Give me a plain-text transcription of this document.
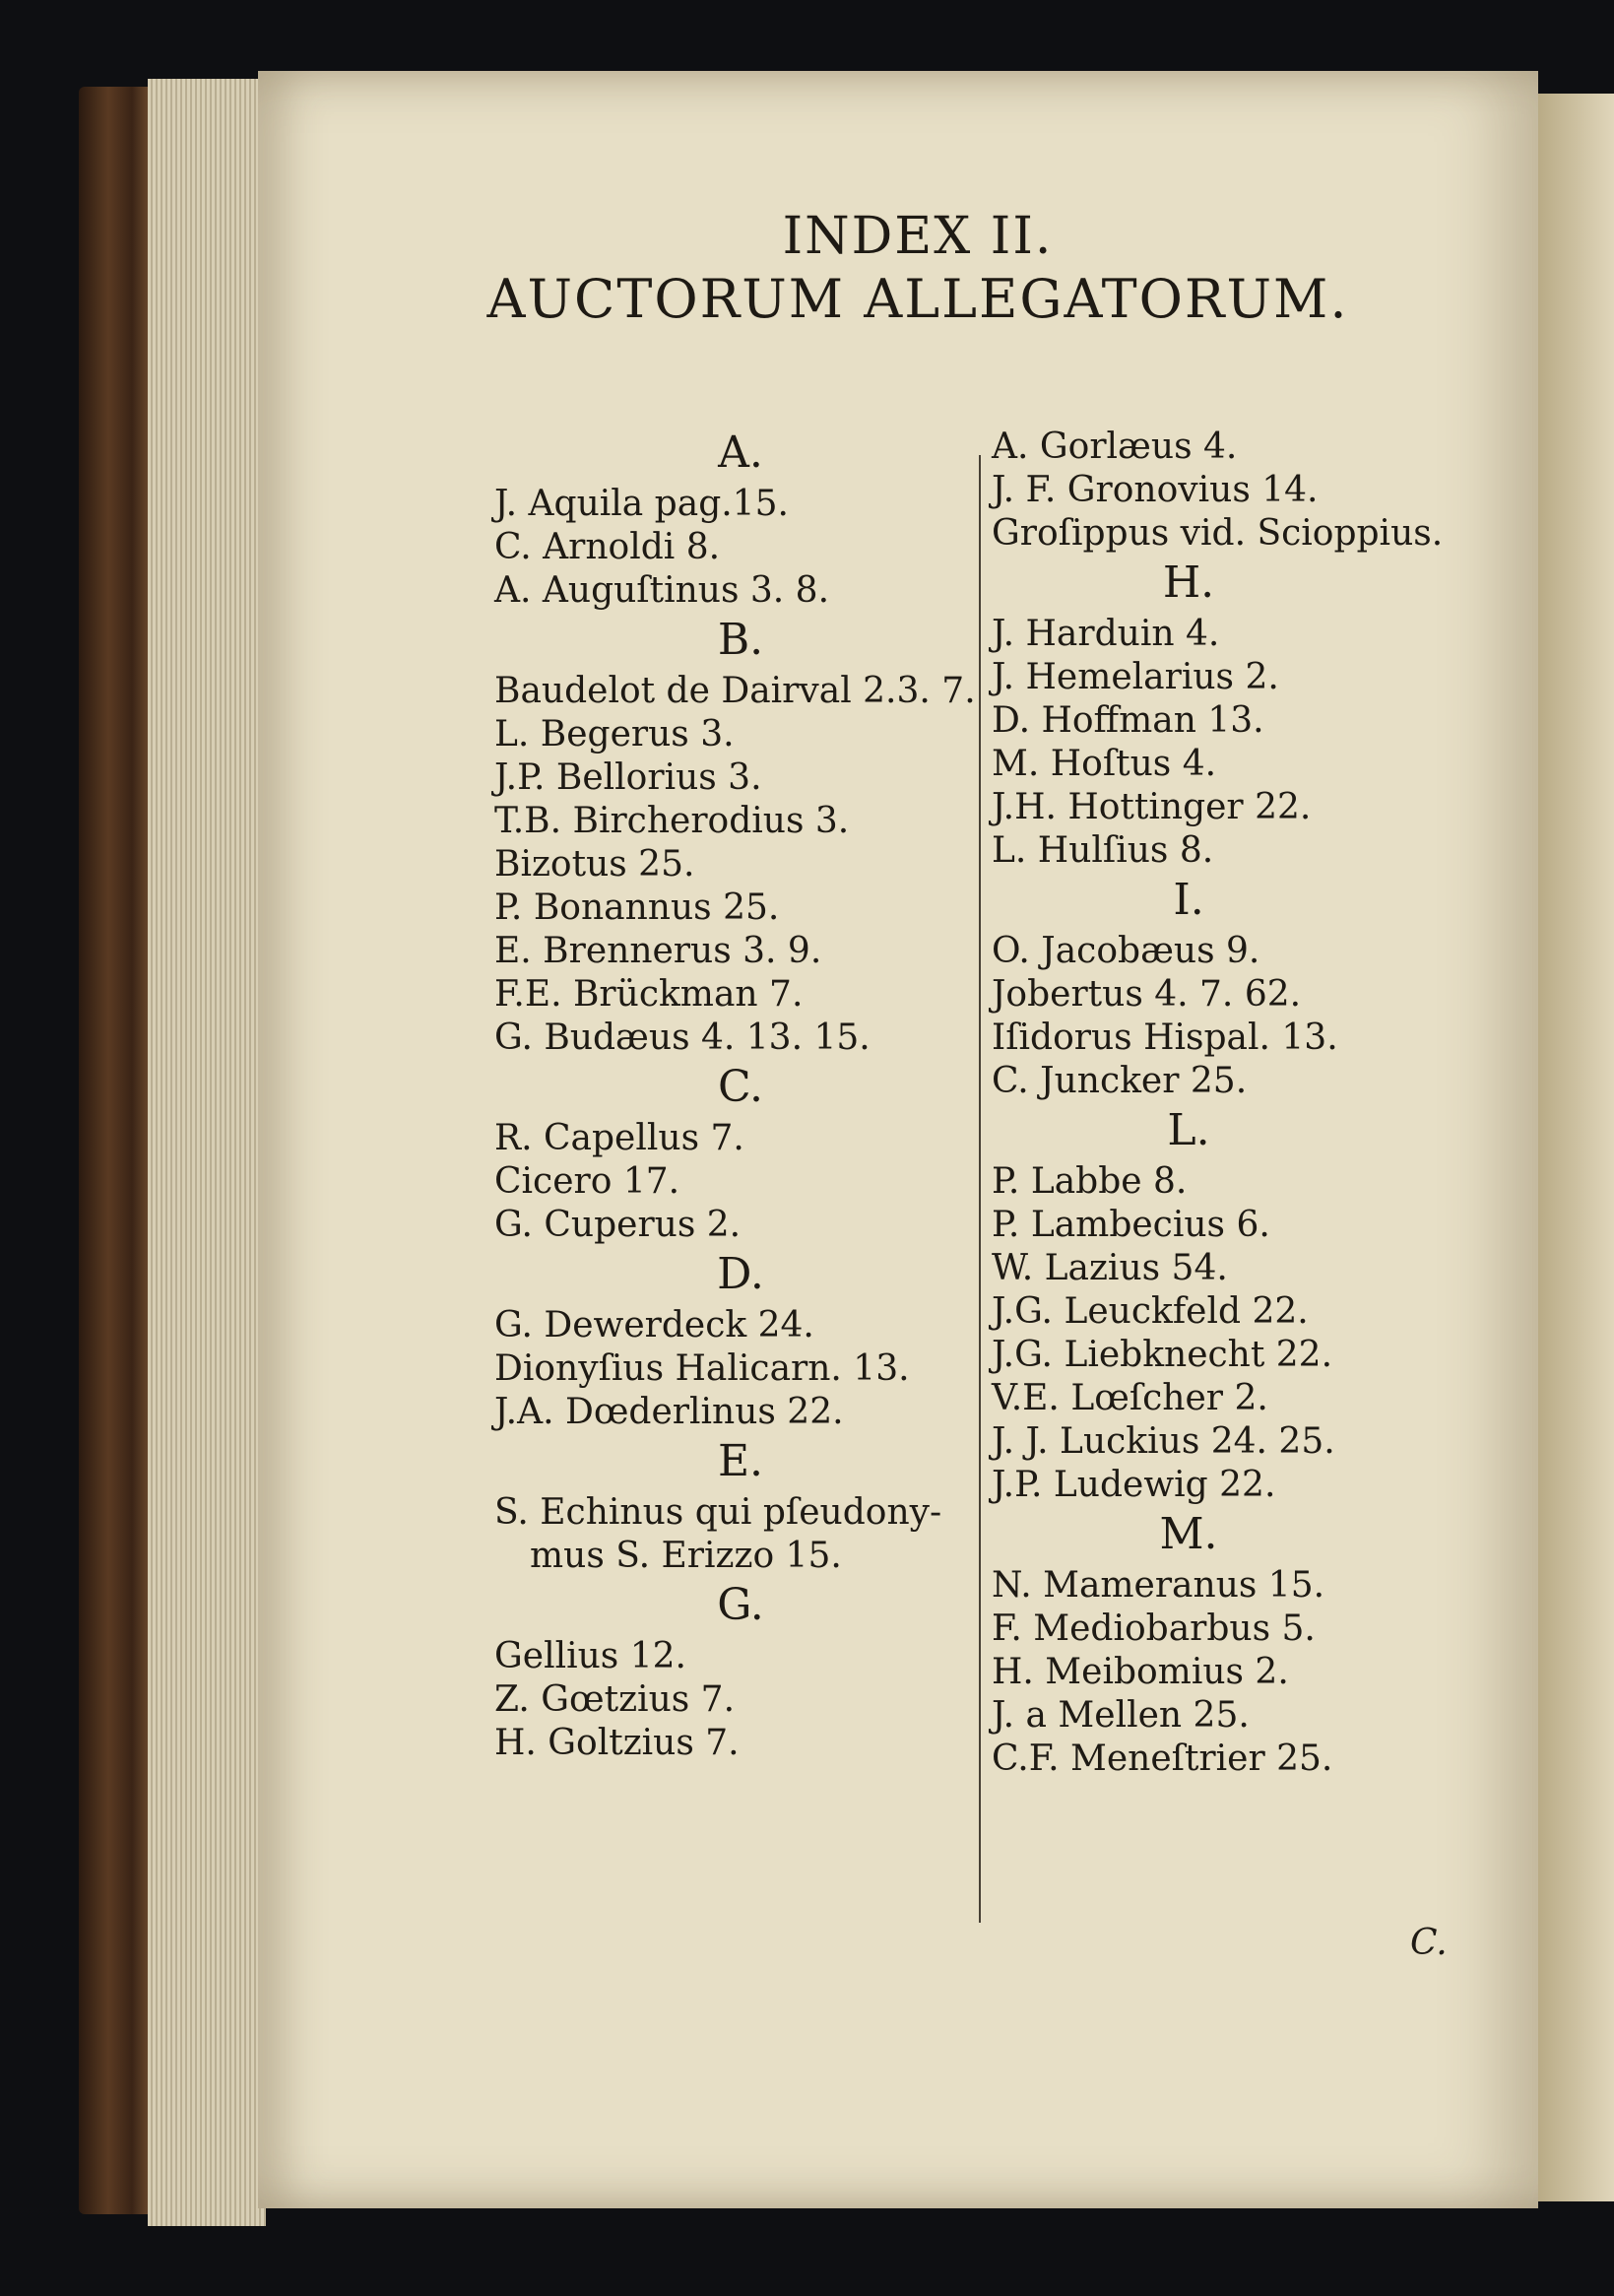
INDEX II.
AUCTORUM ALLEGATORUM.
A.
J. Aquila pag.15.
C. Arnoldi 8.
A. Auguſtinus 3. 8.
B.
Baudelot de Dairval 2.3. 7.
L. Begerus 3.
J.P. Bellorius 3.
T.B. Bircherodius 3.
Bizotus 25.
P. Bonannus 25.
E. Brennerus 3. 9.
F.E. Brückman 7.
G. Budæus 4. 13. 15.
C.
R. Capellus 7.
Cicero 17.
G. Cuperus 2.
D.
G. Dewerdeck 24.
Dionyſius Halicarn. 13.
J.A. Dœderlinus 22.
E.
S. Echinus qui pſeudony-
mus S. Erizzo 15.
G.
Gellius 12.
Z. Gœtzius 7.
H. Goltzius 7.
A. Gorlæus 4.
J. F. Gronovius 14.
Groſippus vid. Scioppius.
H.
J. Harduin 4.
J. Hemelarius 2.
D. Hoffman 13.
M. Hoſtus 4.
J.H. Hottinger 22.
L. Hulſius 8.
I.
O. Jacobæus 9.
Jobertus 4. 7. 62.
Iſidorus Hispal. 13.
C. Juncker 25.
L.
P. Labbe 8.
P. Lambecius 6.
W. Lazius 54.
J.G. Leuckfeld 22.
J.G. Liebknecht 22.
V.E. Lœſcher 2.
J. J. Luckius 24. 25.
J.P. Ludewig 22.
M.
N. Mameranus 15.
F. Mediobarbus 5.
H. Meibomius 2.
J. a Mellen 25.
C.F. Meneſtrier 25.
C.
